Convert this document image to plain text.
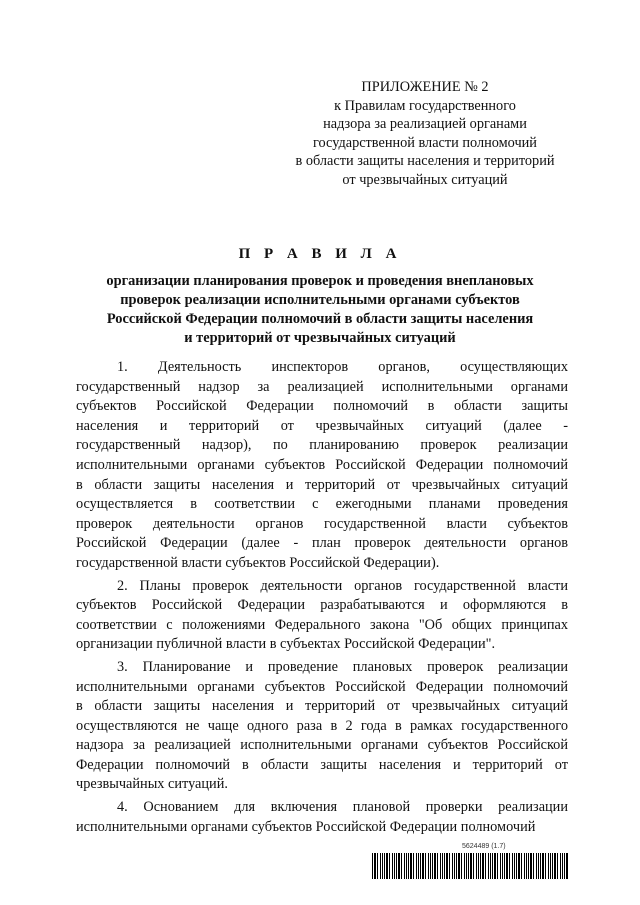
ПРИЛОЖЕНИЕ № 2
к Правилам государственного
надзора за реализацией органами
государственной власти полномочий
в области защиты населения и территорий
от чрезвычайных ситуаций
П Р А В И Л А
организации планирования проверок и проведения внеплановых
проверок реализации исполнительными органами субъектов
Российской Федерации полномочий в области защиты населения
и территорий от чрезвычайных ситуаций
1. Деятельность инспекторов органов, осуществляющих
государственный надзор за реализацией исполнительными органами
субъектов Российской Федерации полномочий в области защиты
населения и территорий от чрезвычайных ситуаций (далее -
государственный надзор), по планированию проверок реализации
исполнительными органами субъектов Российской Федерации полномочий
в области защиты населения и территорий от чрезвычайных ситуаций
осуществляется в соответствии с ежегодными планами проведения
проверок деятельности органов государственной власти субъектов
Российской Федерации (далее - план проверок деятельности органов
государственной власти субъектов Российской Федерации).
2. Планы проверок деятельности органов государственной власти
субъектов Российской Федерации разрабатываются и оформляются в
соответствии с положениями Федерального закона "Об общих принципах
организации публичной власти в субъектах Российской Федерации".
3. Планирование и проведение плановых проверок реализации
исполнительными органами субъектов Российской Федерации полномочий
в области защиты населения и территорий от чрезвычайных ситуаций
осуществляются не чаще одного раза в 2 года в рамках государственного
надзора за реализацией исполнительными органами субъектов Российской
Федерации полномочий в области защиты населения и территорий от
чрезвычайных ситуаций.
4. Основанием для включения плановой проверки реализации
исполнительными органами субъектов Российской Федерации полномочий
5624489 (1.7)
